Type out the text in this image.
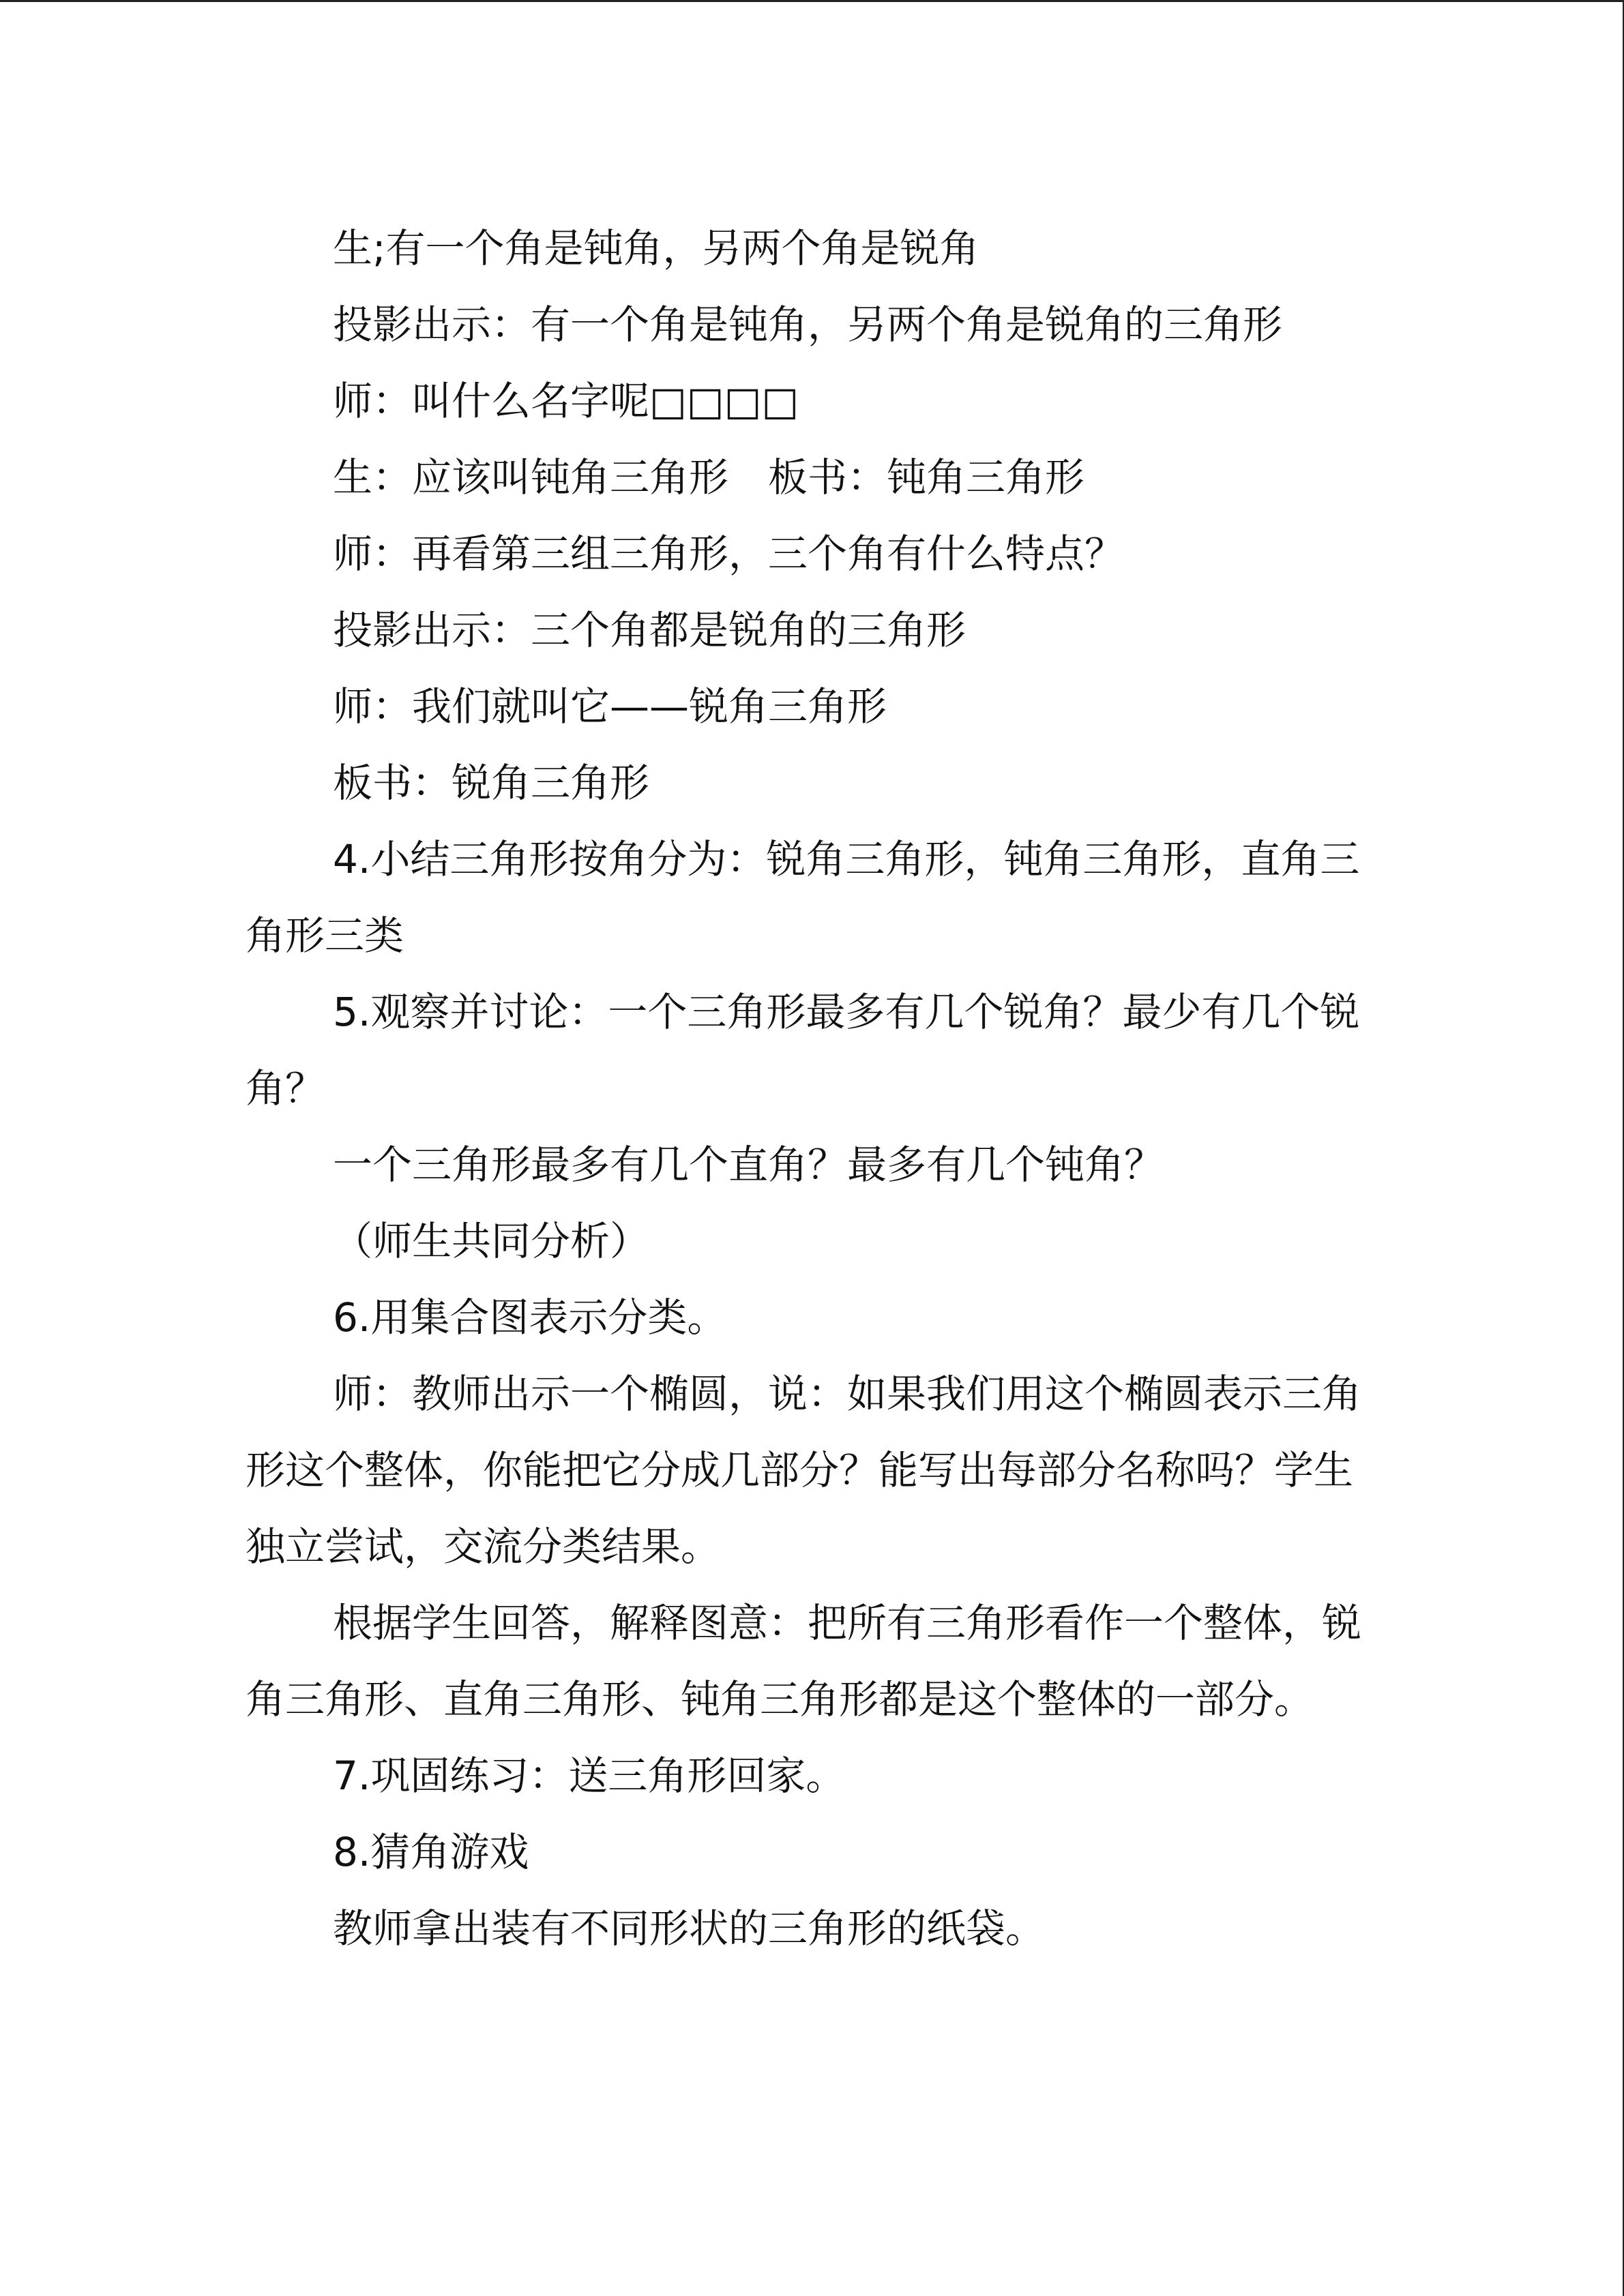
生;有一个角是钝角，另两个角是锐角

投影出示：有一个角是钝角，另两个角是锐角的三角形

师：叫什么名字呢□□□□

生：应该叫钝角三角形　板书：钝角三角形

师：再看第三组三角形，三个角有什么特点？

投影出示：三个角都是锐角的三角形

师：我们就叫它——锐角三角形

板书：锐角三角形

4.小结三角形按角分为：锐角三角形，钝角三角形，直角三角形三类

5.观察并讨论：一个三角形最多有几个锐角？最少有几个锐角？

一个三角形最多有几个直角？最多有几个钝角？

（师生共同分析）

6.用集合图表示分类。

师：教师出示一个椭圆，说：如果我们用这个椭圆表示三角形这个整体，你能把它分成几部分？能写出每部分名称吗？学生独立尝试，交流分类结果。

根据学生回答，解释图意：把所有三角形看作一个整体，锐角三角形、直角三角形、钝角三角形都是这个整体的一部分。

7.巩固练习：送三角形回家。

8.猜角游戏

教师拿出装有不同形状的三角形的纸袋。
